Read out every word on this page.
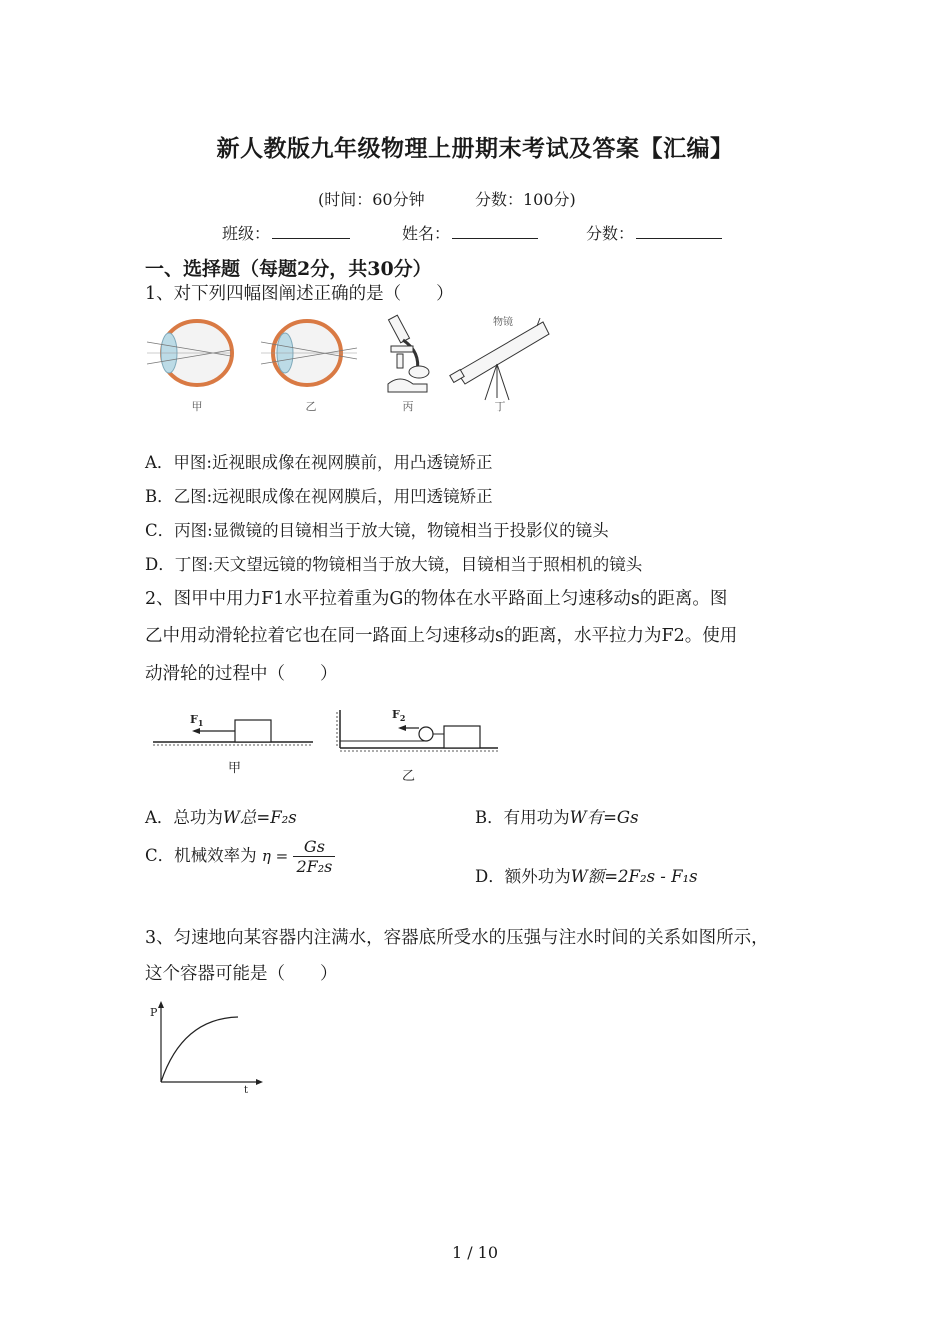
新人教版九年级物理上册期末考试及答案【汇编】
(时间：60分钟	分数：100分)
班级：	姓名：	分数：
一、选择题（每题2分，共30分）
1、对下列四幅图阐述正确的是（　　）
甲	乙	丙
物镜
丁
A．甲图:近视眼成像在视网膜前，用凸透镜矫正
B．乙图:远视眼成像在视网膜后，用凹透镜矫正
C．丙图:显微镜的目镜相当于放大镜，物镜相当于投影仪的镜头
D．丁图:天文望远镜的物镜相当于放大镜，目镜相当于照相机的镜头
2、图甲中用力F1水平拉着重为G的物体在水平路面上匀速移动s的距离。图
乙中用动滑轮拉着它也在同一路面上匀速移动s的距离，水平拉力为F2。使用
动滑轮的过程中（　　）
$F_1$
甲
$F_2$
乙
A．总功为W总=F₂s	B．有用功为W有=Gs
C．机械效率为 $\eta = \frac{Gs}{\text{2F₂s}}$
D．额外功为W额=2F₂s - F₁s
3、匀速地向某容器内注满水，容器底所受水的压强与注水时间的关系如图所示，
这个容器可能是（　　）
P
t
1 / 10
